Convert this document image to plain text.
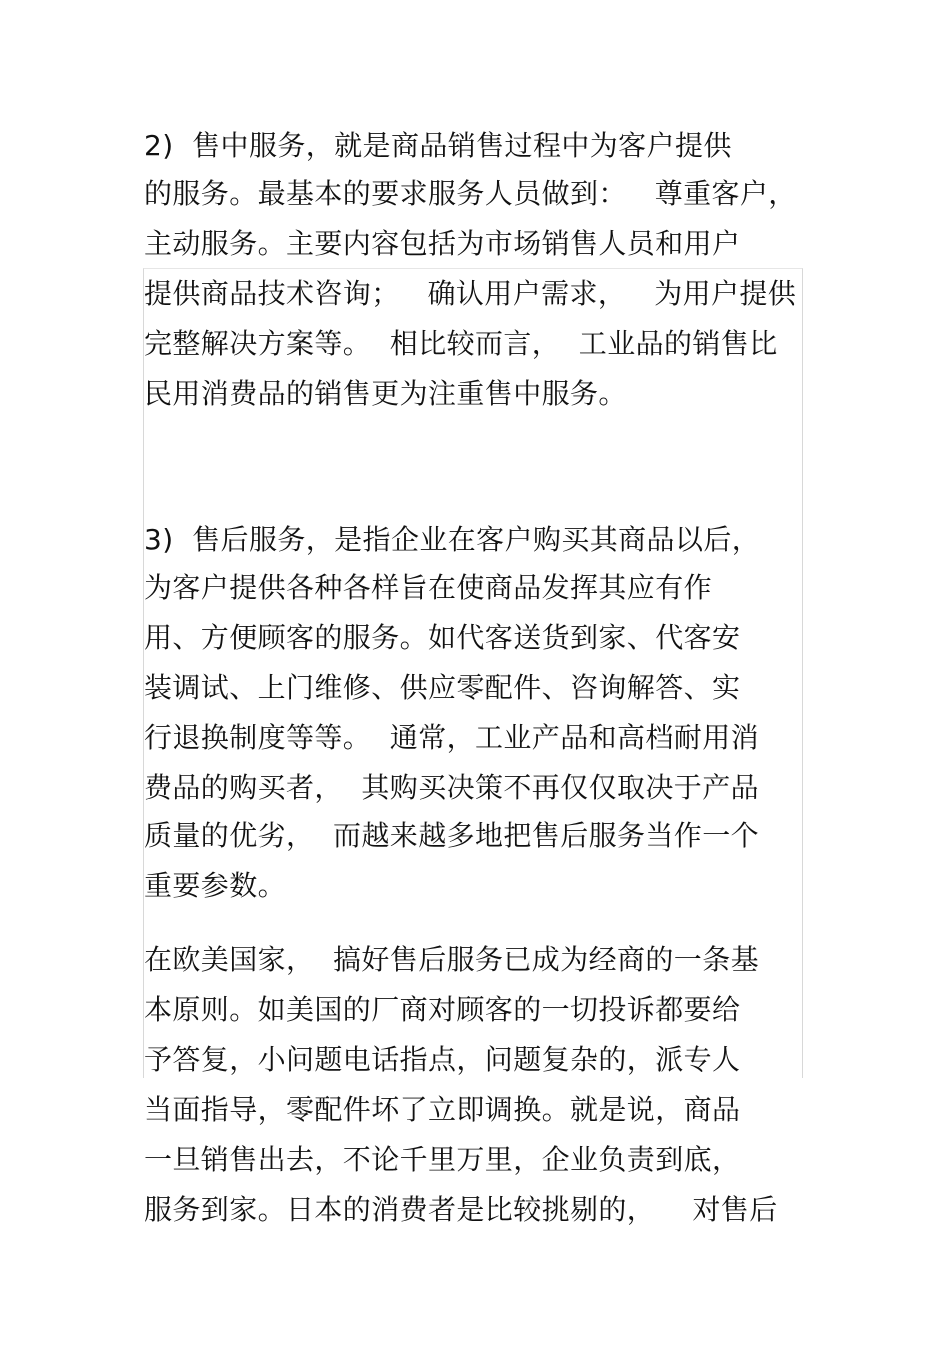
2)  售中服务，就是商品销售过程中为客户提供
的服务。最基本的要求服务人员做到：   尊重客户，
主动服务。主要内容包括为市场销售人员和用户
提供商品技术咨询；   确认用户需求，   为用户提供
完整解决方案等。  相比较而言，  工业品的销售比
民用消费品的销售更为注重售中服务。
3)  售后服务，是指企业在客户购买其商品以后，
为客户提供各种各样旨在使商品发挥其应有作
用、方便顾客的服务。如代客送货到家、代客安
装调试、上门维修、供应零配件、咨询解答、实
行退换制度等等。  通常，工业产品和高档耐用消
费品的购买者，  其购买决策不再仅仅取决于产品
质量的优劣，  而越来越多地把售后服务当作一个
重要参数。
在欧美国家，  搞好售后服务已成为经商的一条基
本原则。如美国的厂商对顾客的一切投诉都要给
予答复，小问题电话指点，问题复杂的，派专人
当面指导，零配件坏了立即调换。就是说，商品
一旦销售出去，不论千里万里，企业负责到底，
服务到家。日本的消费者是比较挑剔的，    对售后
